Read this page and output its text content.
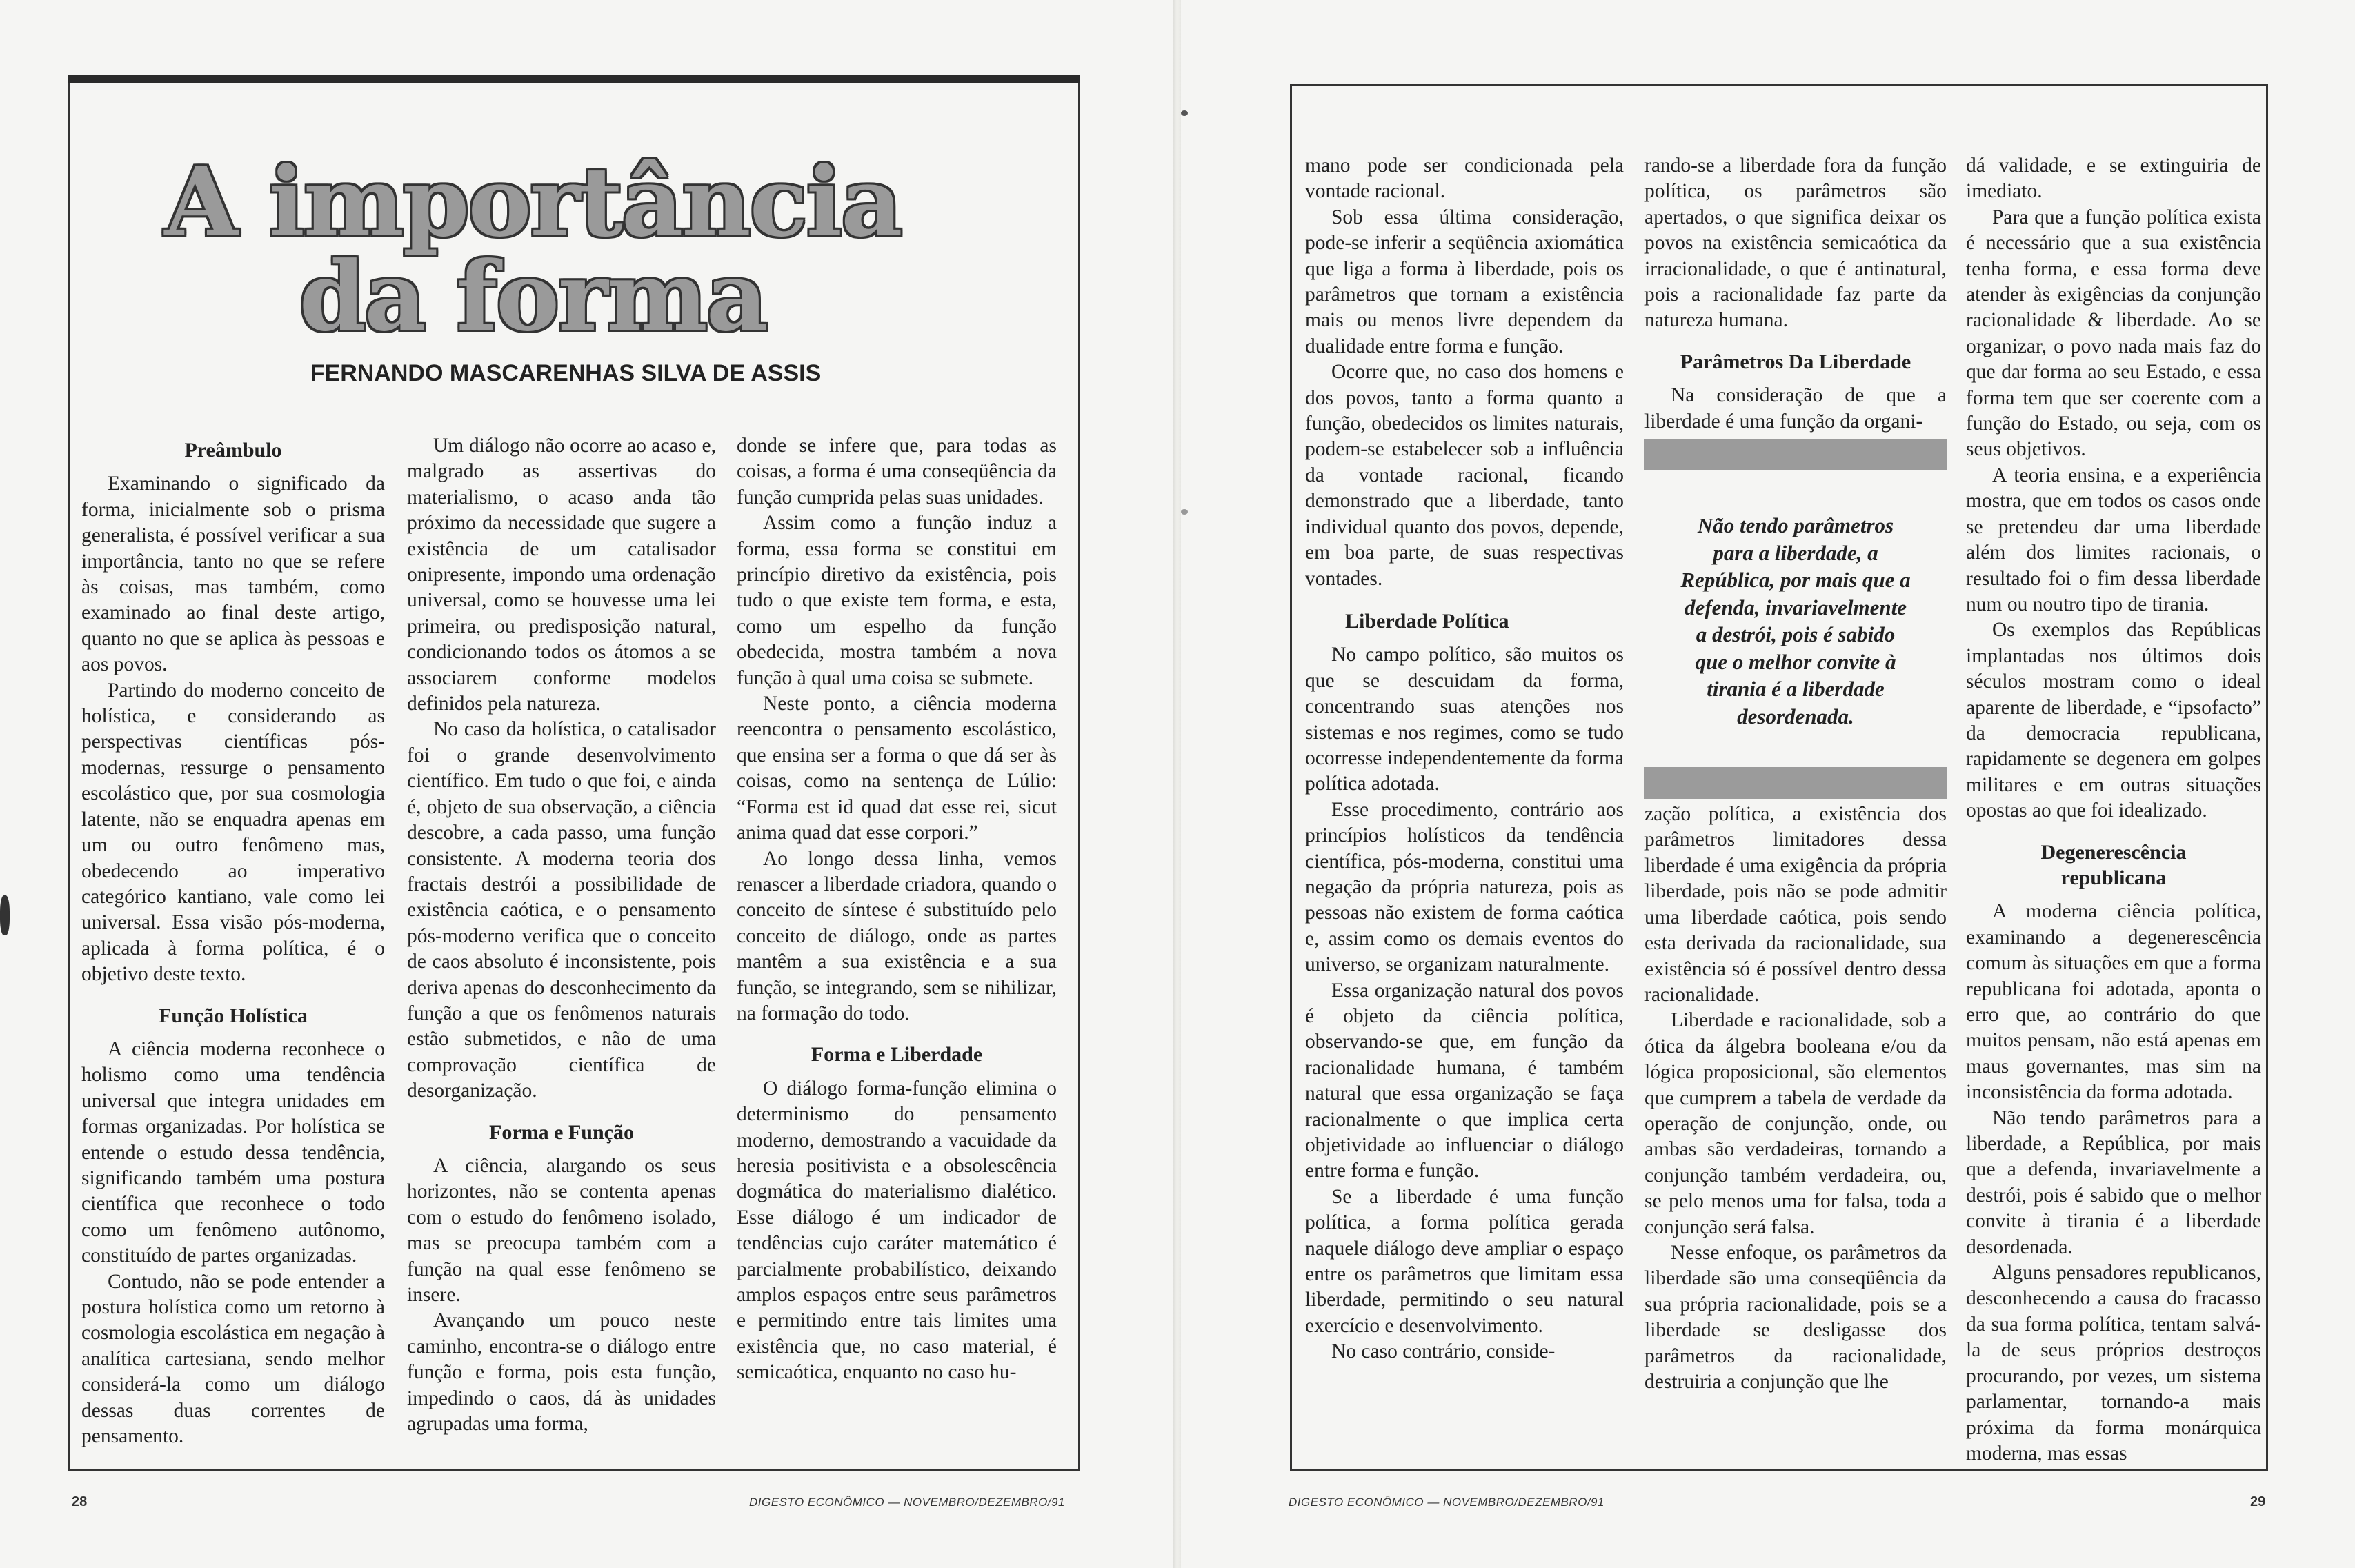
A importância
da forma
FERNANDO MASCARENHAS SILVA DE ASSIS
Preâmbulo

Examinando o significado da forma, inicialmente sob o prisma generalista, é possível verificar a sua importância, tanto no que se refere às coisas, mas também, como examinado ao final deste artigo, quanto no que se aplica às pessoas e aos povos.

Partindo do moderno conceito de holística, e considerando as perspectivas científicas pós-modernas, ressurge o pensamento escolástico que, por sua cosmologia latente, não se enquadra apenas em um ou outro fenômeno mas, obedecendo ao imperativo categórico kantiano, vale como lei universal. Essa visão pós-moderna, aplicada à forma política, é o objetivo deste texto.

Função Holística

A ciência moderna reconhece o holismo como uma tendência universal que integra unidades em formas organizadas. Por holística se entende o estudo dessa tendência, significando também uma postura científica que reconhece o todo como um fenômeno autônomo, constituído de partes organizadas.

Contudo, não se pode entender a postura holística como um retorno à cosmologia escolástica em negação à analítica cartesiana, sendo melhor considerá-la como um diálogo dessas duas correntes de pensamento.

Um diálogo não ocorre ao acaso e, malgrado as assertivas do materialismo, o acaso anda tão próximo da necessidade que sugere a existência de um catalisador onipresente, impondo uma ordenação universal, como se houvesse uma lei primeira, ou predisposição natural, condicionando todos os átomos a se associarem conforme modelos definidos pela natureza.

No caso da holística, o catalisador foi o grande desenvolvimento científico. Em tudo o que foi, e ainda é, objeto de sua observação, a ciência descobre, a cada passo, uma função consistente. A moderna teoria dos fractais destrói a possibilidade de existência caótica, e o pensamento pós-moderno verifica que o conceito de caos absoluto é inconsistente, pois deriva apenas do desconhecimento da função a que os fenômenos naturais estão submetidos, e não de uma comprovação científica de desorganização.

Forma e Função

A ciência, alargando os seus horizontes, não se contenta apenas com o estudo do fenômeno isolado, mas se preocupa também com a função na qual esse fenômeno se insere.

Avançando um pouco neste caminho, encontra-se o diálogo entre função e forma, pois esta função, impedindo o caos, dá às unidades agrupadas uma forma,

donde se infere que, para todas as coisas, a forma é uma conseqüência da função cumprida pelas suas unidades.

Assim como a função induz a forma, essa forma se constitui em princípio diretivo da existência, pois tudo o que existe tem forma, e esta, como um espelho da função obedecida, mostra também a nova função à qual uma coisa se submete.

Neste ponto, a ciência moderna reencontra o pensamento escolástico, que ensina ser a forma o que dá ser às coisas, como na sentença de Lúlio: “Forma est id quad dat esse rei, sicut anima quad dat esse corpori.”

Ao longo dessa linha, vemos renascer a liberdade criadora, quando o conceito de síntese é substituído pelo conceito de diálogo, onde as partes mantêm a sua existência e a sua função, se integrando, sem se nihilizar, na formação do todo.

Forma e Liberdade

O diálogo forma-função elimina o determinismo do pensamento moderno, demostrando a vacuidade da heresia positivista e a obsolescência dogmática do materialismo dialético. Esse diálogo é um indicador de tendências cujo caráter matemático é parcialmente probabilístico, deixando amplos espaços entre seus parâmetros e permitindo entre tais limites uma existência que, no caso material, é semicaótica, enquanto no caso hu-

28	DIGESTO ECONÔMICO — NOVEMBRO/DEZEMBRO/91

mano pode ser condicionada pela vontade racional.

Sob essa última consideração, pode-se inferir a seqüência axiomática que liga a forma à liberdade, pois os parâmetros que tornam a existência mais ou menos livre dependem da dualidade entre forma e função.

Ocorre que, no caso dos homens e dos povos, tanto a forma quanto a função, obedecidos os limites naturais, podem-se estabelecer sob a influência da vontade racional, ficando demonstrado que a liberdade, tanto individual quanto dos povos, depende, em boa parte, de suas respectivas vontades.

Liberdade Política

No campo político, são muitos os que se descuidam da forma, concentrando suas atenções nos sistemas e nos regimes, como se tudo ocorresse independentemente da forma política adotada.

Esse procedimento, contrário aos princípios holísticos da tendência científica, pós-moderna, constitui uma negação da própria natureza, pois as pessoas não existem de forma caótica e, assim como os demais eventos do universo, se organizam naturalmente.

Essa organização natural dos povos é objeto da ciência política, observando-se que, em função da racionalidade humana, é também natural que essa organização se faça racionalmente o que implica certa objetividade ao influenciar o diálogo entre forma e função.

Se a liberdade é uma função política, a forma política gerada naquele diálogo deve ampliar o espaço entre os parâmetros que limitam essa liberdade, permitindo o seu natural exercício e desenvolvimento.

No caso contrário, conside-

rando-se a liberdade fora da função política, os parâmetros são apertados, o que significa deixar os povos na existência semicaótica da irracionalidade, o que é antinatural, pois a racionalidade faz parte da natureza humana.

Parâmetros Da Liberdade

Na consideração de que a liberdade é uma função da organi-

zação política, a existência dos parâmetros limitadores dessa liberdade é uma exigência da própria liberdade, pois não se pode admitir uma liberdade caótica, pois sendo esta derivada da racionalidade, sua existência só é possível dentro dessa racionalidade.

Liberdade e racionalidade, sob a ótica da álgebra booleana e/ou da lógica proposicional, são elementos que cumprem a tabela de verdade da operação de conjunção, onde, ou ambas são verdadeiras, tornando a conjunção também verdadeira, ou, se pelo menos uma for falsa, toda a conjunção será falsa.

Nesse enfoque, os parâmetros da liberdade são uma conseqüência da sua própria racionalidade, pois se a liberdade se desligasse dos parâmetros da racionalidade, destruiria a conjunção que lhe

Não tendo parâmetros
para a liberdade, a
República, por mais que a
defenda, invariavelmente
a destrói, pois é sabido
que o melhor convite à
tirania é a liberdade
desordenada.

dá validade, e se extinguiria de imediato.

Para que a função política exista é necessário que a sua existência tenha forma, e essa forma deve atender às exigências da conjunção racionalidade & liberdade. Ao se organizar, o povo nada mais faz do que dar forma ao seu Estado, e essa forma tem que ser coerente com a função do Estado, ou seja, com os seus objetivos.

A teoria ensina, e a experiência mostra, que em todos os casos onde se pretendeu dar uma liberdade além dos limites racionais, o resultado foi o fim dessa liberdade num ou noutro tipo de tirania.

Os exemplos das Repúblicas implantadas nos últimos dois séculos mostram como o ideal aparente de liberdade, e “ipsofacto” da democracia republicana, rapidamente se degenera em golpes militares e em outras situações opostas ao que foi idealizado.

Degenerescência
republicana

A moderna ciência política, examinando a degenerescência comum às situações em que a forma republicana foi adotada, aponta o erro que, ao contrário do que muitos pensam, não está apenas em maus governantes, mas sim na inconsistência da forma adotada.

Não tendo parâmetros para a liberdade, a República, por mais que a defenda, invariavelmente a destrói, pois é sabido que o melhor convite à tirania é a liberdade desordenada.

Alguns pensadores republicanos, desconhecendo a causa do fracasso da sua forma política, tentam salvá-la de seus próprios destroços procurando, por vezes, um sistema parlamentar, tornando-a mais próxima da forma monárquica moderna, mas essas

DIGESTO ECONÔMICO — NOVEMBRO/DEZEMBRO/91	29
